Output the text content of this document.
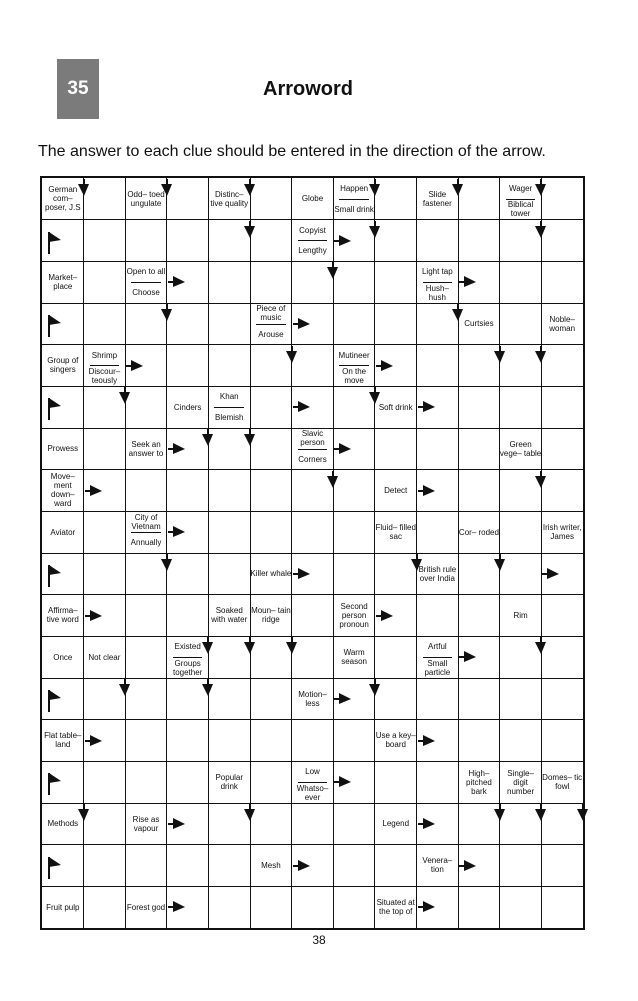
35	Arroword
The answer to each clue should be entered in the direction of the arrow.
German com– poser, J.S
Odd– toed ungulate
Distinc– tive quality	Globe
Happen
Small drink
Slide fastener
Wager
Biblical tower
Copyist
Lengthy
Market– place
Open to all
Choose
Light tap
Hush– hush
Piece of music
Arouse
Curtsies	Noble– woman
Group of singers
Shrimp
Discour– teously
Mutineer
On the move
Cinders
Khan
Blemish
Soft drink
Prowess	Seek an answer to
Slavic person
Corners
Green vege– table
Move– ment down– ward
Detect
Aviator
City of Vietnam
Annually
Fluid– filled sac	Cor– roded	Irish writer, James
Killer whale	British rule over India
Affirma– tive word
Soaked with water
Moun– tain ridge
Second person pronoun
Rim
Once	Not clear
Existed
Groups together
Warm season
Artful
Small particle
Motion– less
Flat table– land
Use a key– board
Popular drink
Low
Whatso– ever
High– pitched bark
Single– digit number
Domes– tic fowl
Methods	Rise as vapour	Legend
Mesh	Venera– tion
Fruit pulp	Forest god	Situated at the top of
38
